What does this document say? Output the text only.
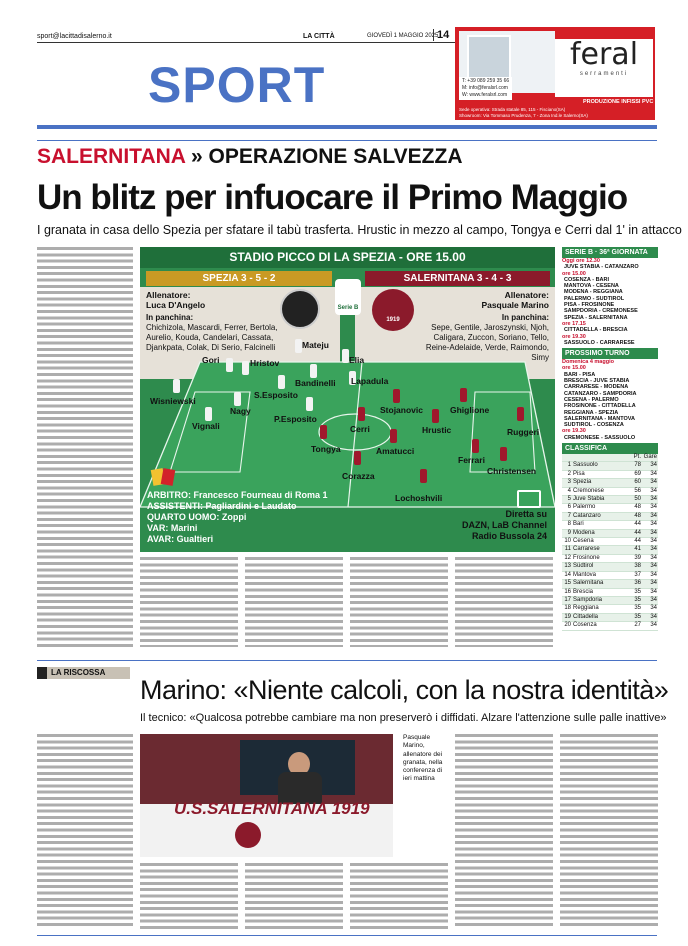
sport@lacittadisalerno.it	LA CITTÀ	GIOVEDÌ 1 MAGGIO 2025
14
SPORT	T: +39 089 259 35 66
M: info@feralsrl.com
W: www.feralsrl.com
feral
serramenti
PRODUZIONE INFISSI PVC
Sede operativa: Strada statale 85, 115 - Fisciano(SA)
Showroom: Via Tommaso Prudenza, 7 - Zona Ind.le Salerno(SA)
SALERNITANA » OPERAZIONE SALVEZZA
Un blitz per infuocare il Primo Maggio
I granata in casa dello Spezia per sfatare il tabù trasferta. Hrustic in mezzo al campo, Tongya e Cerri dal 1' in attacco
STADIO PICCO DI LA SPEZIA - ORE 15.00
SPEZIA 3 - 5 - 2	SALERNITANA 3 - 4 - 3
Allenatore:
Luca D'Angelo
Allenatore:
Pasquale Marino
In panchina:
Chichizola, Mascardi, Ferrer, Bertola, Aurelio, Kouda, Candelari, Cassata, Djankpata, Colak, Di Serio, Falcinelli
In panchina:
Sepe, Gentile, Jaroszynski, Njoh, Caligara, Zuccon, Soriano, Tello, Reine-Adelaide, Verde, Raimondo, Simy
Serie B
1919
Gori	Hristov
Mateju
Elia
Wisniewski
Bandinelli Lapadula
Nagy
S.Esposito
Vignali
P.Esposito
Stojanovic	Ghiglione
Cerri	Hrustic	Ruggeri
Tongya	Amatucci
Ferrari
Christensen
Corazza
Lochoshvili
ARBITRO: Francesco Fourneau di Roma 1
ASSISTENTI: Pagliardini e Laudato
QUARTO UOMO: Zoppi
VAR: Marini
AVAR: Gualtieri
Diretta su
DAZN, LaB Channel
Radio Bussola 24
SERIE B · 36ª GIORNATA
Oggi ore 12.30
JUVE STABIA - CATANZARO
ore 15.00
COSENZA - BARI
MANTOVA - CESENA
MODENA - REGGIANA
PALERMO - SUDTIROL
PISA - FROSINONE
SAMPDORIA - CREMONESE
SPEZIA - SALERNITANA
ore 17.15
CITTADELLA - BRESCIA
ore 19.30
SASSUOLO - CARRARESE
PROSSIMO TURNO
Domenica 4 maggio
ore 15.00
BARI - PISA
BRESCIA - JUVE STABIA
CARRARESE - MODENA
CATANZARO - SAMPDORIA
CESENA - PALERMO
FROSINONE - CITTADELLA
REGGIANA - SPEZIA
SALERNITANA - MANTOVA
SUDTIROL - COSENZA
ore 19.30
CREMONESE - SASSUOLO
CLASSIFICA
		Pt.	Gare
1	Sassuolo	78	34
2	Pisa	69	34
3	Spezia	60	34
4	Cremonese	56	34
5	Juve Stabia	50	34
6	Palermo	48	34
7	Catanzaro	48	34
8	Bari	44	34
9	Modena	44	34
10	Cesena	44	34
11	Carrarese	41	34
12	Frosinone	39	34
13	Südtirol	38	34
14	Mantova	37	34
15	Salernitana	36	34
16	Brescia	35	34
17	Sampdoria	35	34
18	Reggiana	35	34
19	Cittadella	35	34
20	Cosenza	27	34
LA RISCOSSA
Marino: «Niente calcoli, con la nostra identità»
Il tecnico: «Qualcosa potrebbe cambiare ma non preserverò i diffidati. Alzare l'attenzione sulle palle inattive»
U.S.SALERNITANA 1919
Pasquale Marino, allenatore dei granata, nella conferenza di ieri mattina
